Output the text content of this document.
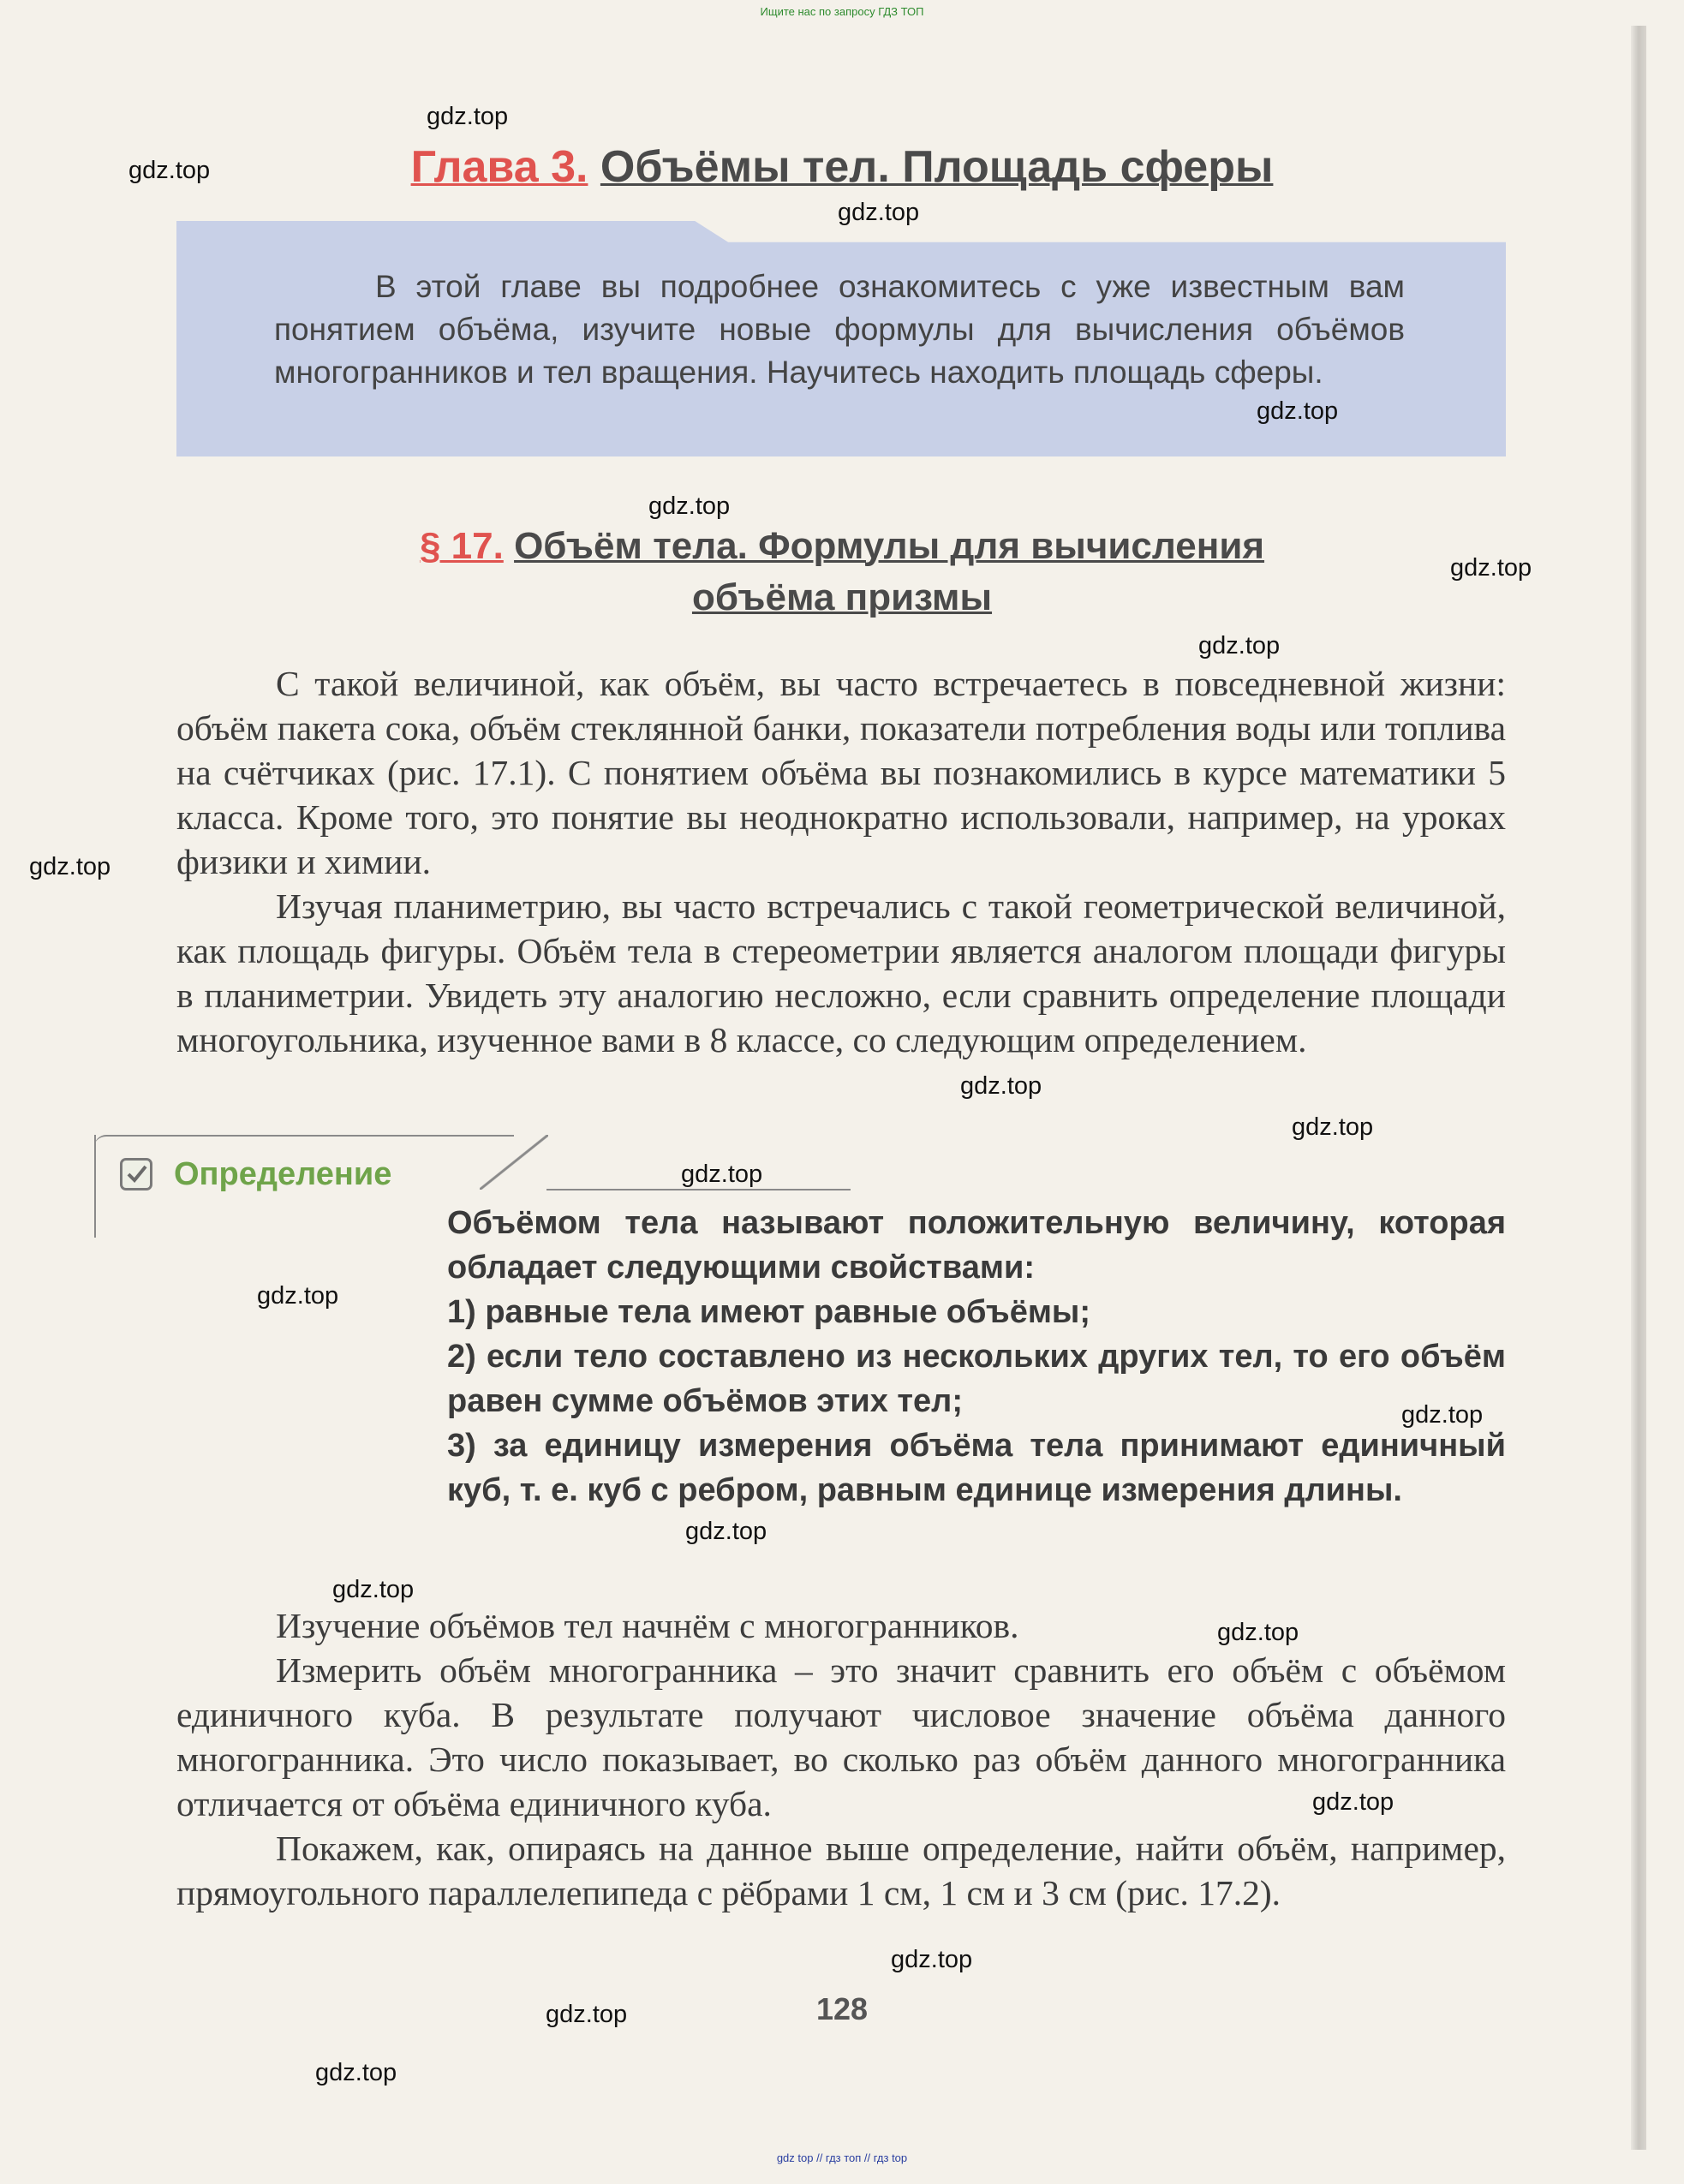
Ищите нас по запросу ГДЗ ТОП
Глава 3. Объёмы тел. Площадь сферы
В этой главе вы подробнее ознакомитесь с уже известным вам понятием объёма, изучите новые формулы для вычисления объёмов многогранников и тел вращения. Научитесь находить площадь сферы.
§ 17. Объём тела. Формулы для вычисления
объёма призмы

С такой величиной, как объём, вы часто встречаетесь в повседневной жизни: объём пакета сока, объём стеклянной банки, показатели потребления воды или топлива на счётчиках (рис. 17.1). С понятием объёма вы познакомились в курсе математики 5 класса. Кроме того, это понятие вы неоднократно использовали, например, на уроках физики и химии.

Изучая планиметрию, вы часто встречались с такой геометрической величиной, как площадь фигуры. Объём тела в стереометрии является аналогом площади фигуры в планиметрии. Увидеть эту аналогию несложно, если сравнить определение площади многоугольника, изученное вами в 8 классе, со следующим определением.

Определение
Объёмом тела называют положительную величину, которая обладает следующими свойствами:
1) равные тела имеют равные объёмы;
2) если тело составлено из нескольких других тел, то его объём равен сумме объёмов этих тел;
3) за единицу измерения объёма тела принимают единичный куб, т. е. куб с ребром, равным единице измерения длины.

Изучение объёмов тел начнём с многогранников.

Измерить объём многогранника – это значит сравнить его объём с объёмом единичного куба. В результате получают числовое значение объёма данного многогранника. Это число показывает, во сколько раз объём данного многогранника отличается от объёма единичного куба.

Покажем, как, опираясь на данное выше определение, найти объём, например, прямоугольного параллелепипеда с рёбрами 1 см, 1 см и 3 см (рис. 17.2).

128
gdz.top
gdz.top
gdz.top
gdz.top
gdz.top
gdz.top
gdz.top
gdz.top
gdz.top
gdz.top
gdz.top
gdz.top
gdz.top
gdz.top
gdz.top
gdz.top
gdz.top
gdz.top
gdz.top
gdz.top
gdz top // гдз топ // гдз top
